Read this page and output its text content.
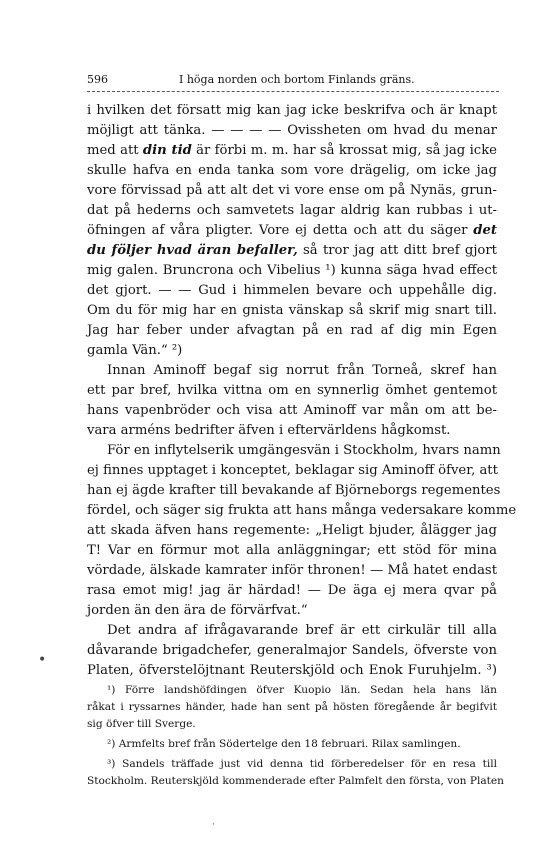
596	I höga norden och bortom Finlands gräns.
i hvilken det försatt mig kan jag icke beskrifva och är knapt
möjligt att tänka. — — — — Ovissheten om hvad du menar
med att din tid är förbi m. m. har så krossat mig, så jag icke
skulle hafva en enda tanka som vore drägelig, om icke jag
vore förvissad på att alt det vi vore ense om på Nynäs, grun-
dat på hederns och samvetets lagar aldrig kan rubbas i ut-
öfningen af våra pligter. Vore ej detta och att du säger det
du följer hvad äran befaller, så tror jag att ditt bref gjort
mig galen. Bruncrona och Vibelius ¹) kunna säga hvad effect
det gjort. — — Gud i himmelen bevare och uppehålle dig.
Om du för mig har en gnista vänskap så skrif mig snart till.
Jag har feber under afvagtan på en rad af dig min Egen
gamla Vän.“ ²)
Innan Aminoff begaf sig norrut från Torneå, skref han
ett par bref, hvilka vittna om en synnerlig ömhet gentemot
hans vapenbröder och visa att Aminoff var mån om att be-
vara arméns bedrifter äfven i eftervärldens hågkomst.
För en inflytelserik umgängesvän i Stockholm, hvars namn
ej finnes upptaget i konceptet, beklagar sig Aminoff öfver, att
han ej ägde krafter till bevakande af Björneborgs regementes
fördel, och säger sig frukta att hans många vedersakare komme
att skada äfven hans regemente: „Heligt bjuder, ålägger jag
T! Var en förmur mot alla anläggningar; ett stöd för mina
vördade, älskade kamrater inför thronen! — Må hatet endast
rasa emot mig! jag är härdad! — De äga ej mera qvar på
jorden än den ära de förvärfvat.“
Det andra af ifrågavarande bref är ett cirkulär till alla
dåvarande brigadchefer, generalmajor Sandels, öfverste von
Platen, öfverstelöjtnant Reuterskjöld och Enok Furuhjelm. ³)
¹) Förre landshöfdingen öfver Kuopio län. Sedan hela hans län
råkat i ryssarnes händer, hade han sent på hösten föregående år begifvit
sig öfver till Sverge.
²) Armfelts bref från Södertelge den 18 februari. Rilax samlingen.
³) Sandels träffade just vid denna tid förberedelser för en resa till
Stockholm. Reuterskjöld kommenderade efter Palmfelt den första, von Platen
•
·
